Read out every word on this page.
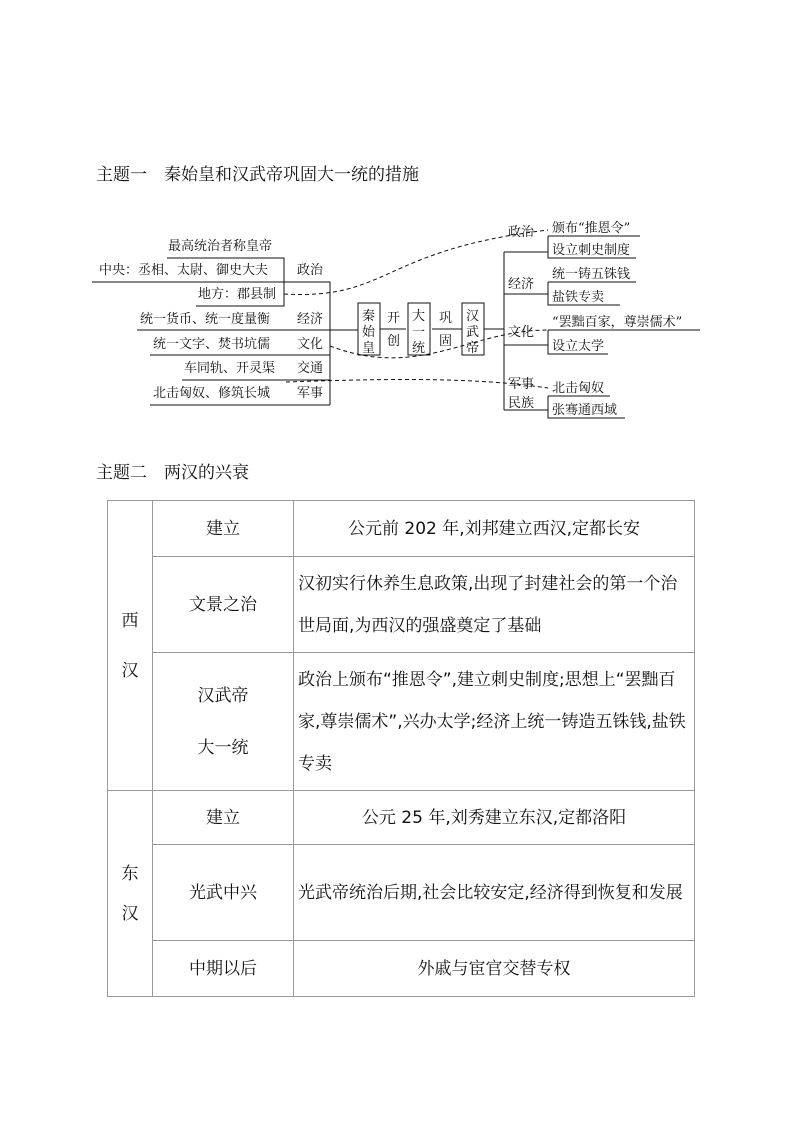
主题一　秦始皇和汉武帝巩固大一统的措施
最高统治者称皇帝
中央：丞相、太尉、御史大夫
地方：郡县制
政治
统一货币、统一度量衡 经济
统一文字、焚书坑儒 文化
车同轨、开灵渠 交通
北击匈奴、修筑长城 军事
秦
始
皇
开
创
大
一
统
巩
固
汉
武
帝
政治 颁布“推恩令”
设立刺史制度
经济
统一铸五铢钱
盐铁专卖
文化
“罢黜百家，尊崇儒术”
设立太学
军事
民族
北击匈奴
张骞通西域
主题二　两汉的兴衰
西
汉	建立	公元前 202 年,刘邦建立西汉,定都长安
	文景之治	汉初实行休养生息政策,出现了封建社会的第一个治世局面,为西汉的强盛奠定了基础

	汉武帝
大一统	政治上颁布“推恩令”,建立刺史制度;思想上“罢黜百家,尊崇儒术”,兴办太学;经济上统一铸造五铢钱,盐铁专卖

东
汉	建立	公元 25 年,刘秀建立东汉,定都洛阳
	光武中兴	光武帝统治后期,社会比较安定,经济得到恢复和发展
	中期以后	外戚与宦官交替专权
